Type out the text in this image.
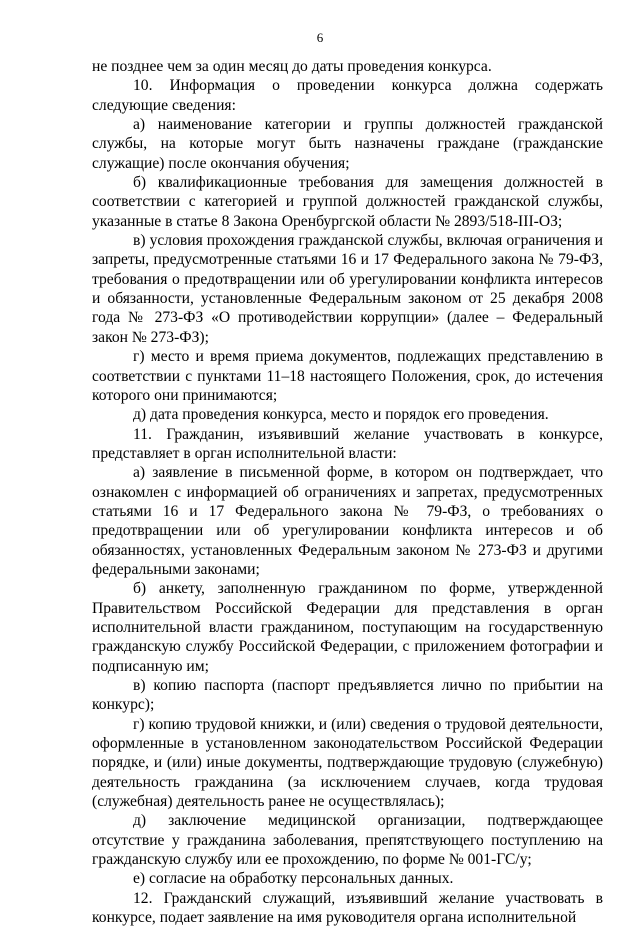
6

не позднее чем за один месяц до даты проведения конкурса.

10. Информация о проведении конкурса должна содержать следующие сведения:

а) наименование категории и группы должностей гражданской службы, на которые могут быть назначены граждане (гражданские служащие) после окончания обучения;

б) квалификационные требования для замещения должностей в соответствии с категорией и группой должностей гражданской службы, указанные в статье 8 Закона Оренбургской области № 2893/518-III-ОЗ;

в) условия прохождения гражданской службы, включая ограничения и запреты, предусмотренные статьями 16 и 17 Федерального закона № 79-ФЗ, требования о предотвращении или об урегулировании конфликта интересов и обязанности, установленные Федеральным законом от 25 декабря 2008 года № 273-ФЗ «О противодействии коррупции» (далее – Федеральный закон № 273-ФЗ);

г) место и время приема документов, подлежащих представлению в соответствии с пунктами 11–18 настоящего Положения, срок, до истечения которого они принимаются;

д) дата проведения конкурса, место и порядок его проведения.

11. Гражданин, изъявивший желание участвовать в конкурсе, представляет в орган исполнительной власти:

а) заявление в письменной форме, в котором он подтверждает, что ознакомлен с информацией об ограничениях и запретах, предусмотренных статьями 16 и 17 Федерального закона № 79-ФЗ, о требованиях о предотвращении или об урегулировании конфликта интересов и об обязанностях, установленных Федеральным законом № 273-ФЗ и другими федеральными законами;

б) анкету, заполненную гражданином по форме, утвержденной Правительством Российской Федерации для представления в орган исполнительной власти гражданином, поступающим на государственную гражданскую службу Российской Федерации, с приложением фотографии и подписанную им;

в) копию паспорта (паспорт предъявляется лично по прибытии на конкурс);

г) копию трудовой книжки, и (или) сведения о трудовой деятельности, оформленные в установленном законодательством Российской Федерации порядке, и (или) иные документы, подтверждающие трудовую (служебную) деятельность гражданина (за исключением случаев, когда трудовая (служебная) деятельность ранее не осуществлялась);

д) заключение медицинской организации, подтверждающее отсутствие у гражданина заболевания, препятствующего поступлению на гражданскую службу или ее прохождению, по форме № 001-ГС/у;

е) согласие на обработку персональных данных.

12. Гражданский служащий, изъявивший желание участвовать в конкурсе, подает заявление на имя руководителя органа исполнительной
